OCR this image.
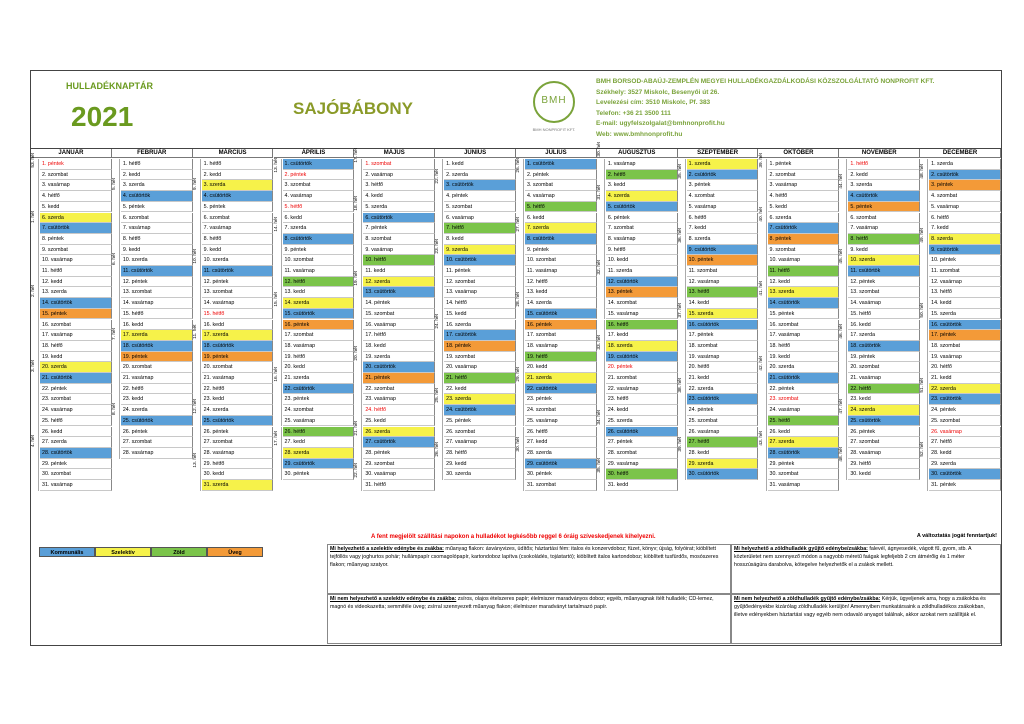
HULLADÉKNAPTÁR
2021	SAJÓBÁBONY	BMH
BMH NONPROFIT KFT.
BMH BORSOD-ABAÚJ-ZEMPLÉN MEGYEI HULLADÉKGAZDÁLKODÁSI KÖZSZOLGÁLTATÓ NONPROFIT KFT.
Székhely: 3527 Miskolc, Besenyői út 26.
Levelezési cím: 3510 Miskolc, Pf. 383
Telefon: +36 21 3500 111
E-mail: ugyfelszolgalat@bmhnonprofit.hu
Web: www.bmhnonprofit.hu
JANUÁR
1. péntek
2. szombat
3. vasárnap
4. hétfő
5. kedd
6. szerda
7. csütörtök
8. péntek
9. szombat
10. vasárnap
11. hétfő
12. kedd
13. szerda
14. csütörtök
15. péntek
16. szombat
17. vasárnap
18. hétfő
19. kedd
20. szerda
21. csütörtök
22. péntek
23. szombat
24. vasárnap
25. hétfő
26. kedd
27. szerda
28. csütörtök
29. péntek
30. szombat
31. vasárnap
53. hét
1. hét
2. hét
3. hét
4. hét
FEBRUÁR
1. hétfő
2. kedd
3. szerda
4. csütörtök
5. péntek
6. szombat
7. vasárnap
8. hétfő
9. kedd
10. szerda
11. csütörtök
12. péntek
13. szombat
14. vasárnap
15. hétfő
16. kedd
17. szerda
18. csütörtök
19. péntek
20. szombat
21. vasárnap
22. hétfő
23. kedd
24. szerda
25. csütörtök
26. péntek
27. szombat
28. vasárnap
5. hét
6. hét
7. hét
8. hét
MÁRCIUS
1. hétfő
2. kedd
3. szerda
4. csütörtök
5. péntek
6. szombat
7. vasárnap
8. hétfő
9. kedd
10. szerda
11. csütörtök
12. péntek
13. szombat
14. vasárnap
15. hétfő
16. kedd
17. szerda
18. csütörtök
19. péntek
20. szombat
21. vasárnap
22. hétfő
23. kedd
24. szerda
25. csütörtök
26. péntek
27. szombat
28. vasárnap
29. hétfő
30. kedd
31. szerda
9. hét
10. hét
11. hét
12. hét
13. hét
ÁPRILIS
1. csütörtök
2. péntek
3. szombat
4. vasárnap
5. hétfő
6. kedd
7. szerda
8. csütörtök
9. péntek
10. szombat
11. vasárnap
12. hétfő
13. kedd
14. szerda
15. csütörtök
16. péntek
17. szombat
18. vasárnap
19. hétfő
20. kedd
21. szerda
22. csütörtök
23. péntek
24. szombat
25. vasárnap
26. hétfő
27. kedd
28. szerda
29. csütörtök
30. péntek
13. hét
14. hét
15. hét
16. hét
17. hét
MÁJUS
1. szombat
2. vasárnap
3. hétfő
4. kedd
5. szerda
6. csütörtök
7. péntek
8. szombat
9. vasárnap
10. hétfő
11. kedd
12. szerda
13. csütörtök
14. péntek
15. szombat
16. vasárnap
17. hétfő
18. kedd
19. szerda
20. csütörtök
21. péntek
22. szombat
23. vasárnap
24. hétfő
25. kedd
26. szerda
27. csütörtök
28. péntek
29. szombat
30. vasárnap
31. hétfő
17. hét
18. hét
19. hét
20. hét
21. hét
22. hét
JÚNIUS
1. kedd
2. szerda
3. csütörtök
4. péntek
5. szombat
6. vasárnap
7. hétfő
8. kedd
9. szerda
10. csütörtök
11. péntek
12. szombat
13. vasárnap
14. hétfő
15. kedd
16. szerda
17. csütörtök
18. péntek
19. szombat
20. vasárnap
21. hétfő
22. kedd
23. szerda
24. csütörtök
25. péntek
26. szombat
27. vasárnap
28. hétfő
29. kedd
30. szerda
22. hét
23. hét
24. hét
25. hét
26. hét
JÚLIUS
1. csütörtök
2. péntek
3. szombat
4. vasárnap
5. hétfő
6. kedd
7. szerda
8. csütörtök
9. péntek
10. szombat
11. vasárnap
12. hétfő
13. kedd
14. szerda
15. csütörtök
16. péntek
17. szombat
18. vasárnap
19. hétfő
20. kedd
21. szerda
22. csütörtök
23. péntek
24. szombat
25. vasárnap
26. hétfő
27. kedd
28. szerda
29. csütörtök
30. péntek
31. szombat
26. hét
27. hét
28. hét
29. hét
30. hét
AUGUSZTUS
1. vasárnap
2. hétfő
3. kedd
4. szerda
5. csütörtök
6. péntek
7. szombat
8. vasárnap
9. hétfő
10. kedd
11. szerda
12. csütörtök
13. péntek
14. szombat
15. vasárnap
16. hétfő
17. kedd
18. szerda
19. csütörtök
20. péntek
21. szombat
22. vasárnap
23. hétfő
24. kedd
25. szerda
26. csütörtök
27. péntek
28. szombat
29. vasárnap
30. hétfő
31. kedd
30. hét
31. hét
32. hét
33. hét
34. hét
35. hét
SZEPTEMBER
1. szerda
2. csütörtök
3. péntek
4. szombat
5. vasárnap
6. hétfő
7. kedd
8. szerda
9. csütörtök
10. péntek
11. szombat
12. vasárnap
13. hétfő
14. kedd
15. szerda
16. csütörtök
17. péntek
18. szombat
19. vasárnap
20. hétfő
21. kedd
22. szerda
23. csütörtök
24. péntek
25. szombat
26. vasárnap
27. hétfő
28. kedd
29. szerda
30. csütörtök
35. hét
36. hét
37. hét
38. hét
39. hét
OKTÓBER
1. péntek
2. szombat
3. vasárnap
4. hétfő
5. kedd
6. szerda
7. csütörtök
8. péntek
9. szombat
10. vasárnap
11. hétfő
12. kedd
13. szerda
14. csütörtök
15. péntek
16. szombat
17. vasárnap
18. hétfő
19. kedd
20. szerda
21. csütörtök
22. péntek
23. szombat
24. vasárnap
25. hétfő
26. kedd
27. szerda
28. csütörtök
29. péntek
30. szombat
31. vasárnap
39. hét
40. hét
41. hét
42. hét
43. hét
NOVEMBER
1. hétfő
2. kedd
3. szerda
4. csütörtök
5. péntek
6. szombat
7. vasárnap
8. hétfő
9. kedd
10. szerda
11. csütörtök
12. péntek
13. szombat
14. vasárnap
15. hétfő
16. kedd
17. szerda
18. csütörtök
19. péntek
20. szombat
21. vasárnap
22. hétfő
23. kedd
24. szerda
25. csütörtök
26. péntek
27. szombat
28. vasárnap
29. hétfő
30. kedd
44. hét
45. hét
46. hét
47. hét
48. hét
DECEMBER
1. szerda
2. csütörtök
3. péntek
4. szombat
5. vasárnap
6. hétfő
7. kedd
8. szerda
9. csütörtök
10. péntek
11. szombat
12. vasárnap
13. hétfő
14. kedd
15. szerda
16. csütörtök
17. péntek
18. szombat
19. vasárnap
20. hétfő
21. kedd
22. szerda
23. csütörtök
24. péntek
25. szombat
26. vasárnap
27. hétfő
28. kedd
29. szerda
30. csütörtök
31. péntek
48. hét
49. hét
50. hét
51. hét
52. hét
A fent megjelölt szállítási napokon a hulladékot legkésőbb reggel 6 óráig szíveskedjenek kihelyezni.	A változtatás jogát fenntartjuk!
Kommunális	Szelektív	Zöld	Üveg
Mi helyezhető a szelektív edénybe és zsákba: műanyag flakon: ásványvizes, üdítős; háztartási fém: italos és konzervdoboz; füzet, könyv; újság, folyóirat; kiöblített tejföllös vagy joghurtos pohár; hullámpapír csomagolópapír, kartondoboz lapítva (csokoládés, tojástartó); kiöblített italos kartondoboz; kiöblített tusfürdős, mosószeres flakon; műanyag szatyor.
Mi helyezhető a zöldhulladék gyűjtő edénybe/zsákba: falevél, ágnyesedék, vágott fű, gyom, stb. A közterületet nem szennyező módon a nagyobb méretű faágak legfeljebb 2 cm átmérőig és 1 méter hosszúságúra darabolva, kötegelve helyezhetők el a zsákok mellett.
Mi nem helyezhető a szelektív edénybe és zsákba: zsíros, olajos ételszeres papír; élelmiszer maradványos doboz; egyéb, műanyagnak ítélt hulladék; CD-lemez, magnó és videokazetta; semmiféle üveg; zsírral szennyezett műanyag flakon; élelmiszer maradványt tartalmazó papír.
Mi nem helyezhető a zöldhulladék gyűjtő edénybe/zsákba: Kérjük, ügyeljenek arra, hogy a zsákokba és gyűjtőedényekbe kizárólag zöldhulladék kerüljön! Amennyiben munkatársaink a zöldhulladékos zsákokban, illetve edényekben háztartási vagy egyéb nem odavaló anyagot találnak, akkor azokat nem szállítják el.
